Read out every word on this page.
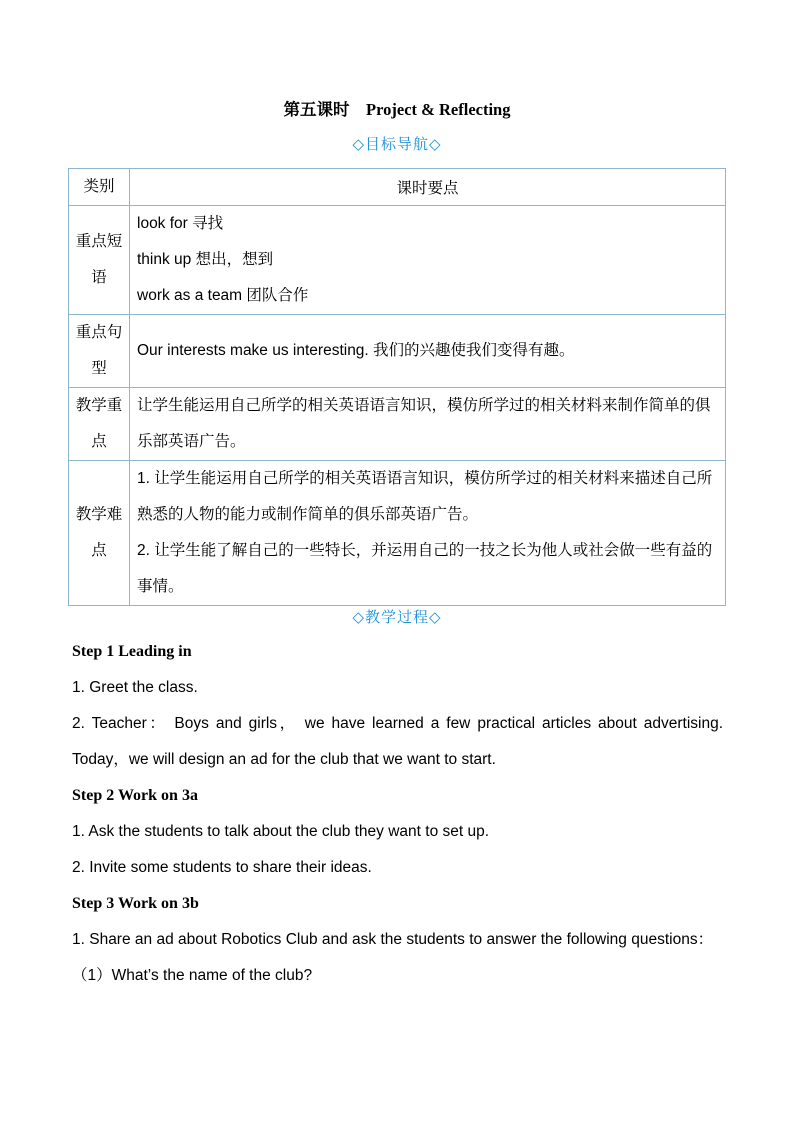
第五课时　Project & Reflecting
◇目标导航◇
类别	课时要点

重点短语	look for 寻找
think up 想出，想到
work as a team 团队合作

重点句型	Our interests make us interesting. 我们的兴趣使我们变得有趣。

教学重点	让学生能运用自己所学的相关英语语言知识，模仿所学过的相关材料来制作简单的俱乐部英语广告。

教学难点	1. 让学生能运用自己所学的相关英语语言知识，模仿所学过的相关材料来描述自己所熟悉的人物的能力或制作简单的俱乐部英语广告。
2. 让学生能了解自己的一些特长，并运用自己的一技之长为他人或社会做一些有益的事情。
◇教学过程◇

Step 1 Leading in

1. Greet the class.

2. Teacher： Boys and girls， we have learned a few practical articles about advertising. Today，we will design an ad for the club that we want to start.

Step 2 Work on 3a

1. Ask the students to talk about the club they want to set up.

2. Invite some students to share their ideas.

Step 3 Work on 3b

1. Share an ad about Robotics Club and ask the students to answer the following questions：

（1）What’s the name of the club?
